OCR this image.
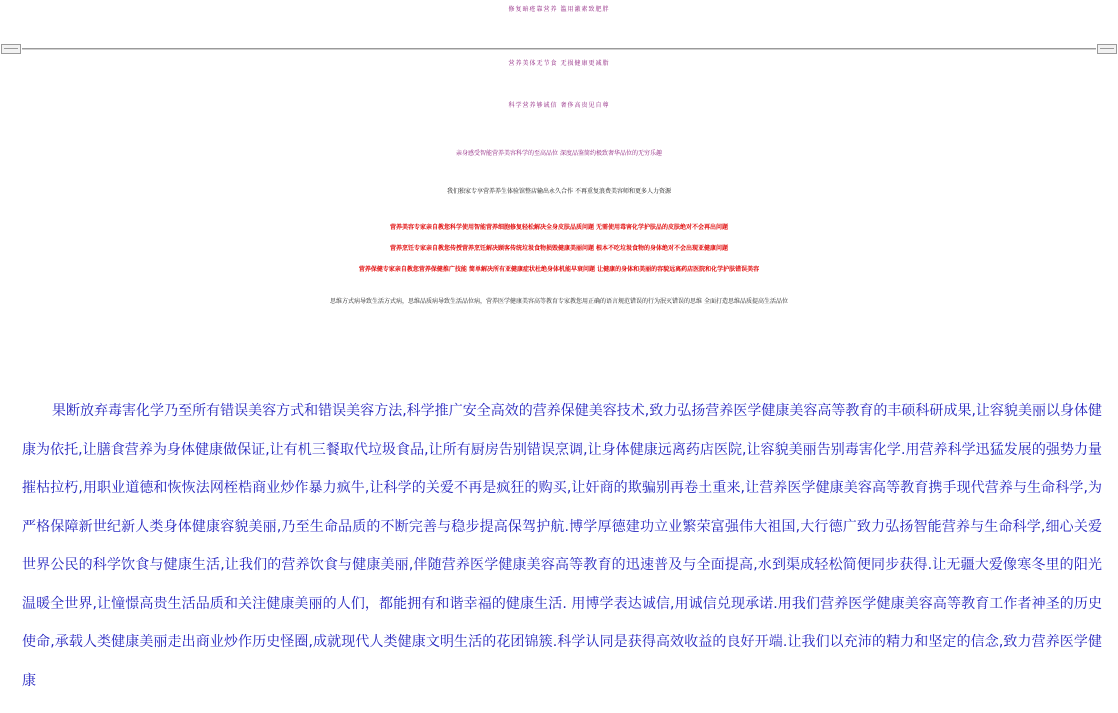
修复暗疮靠营养 滥用激素致肥胖
营养美体无节食 无损健康更减脂
科学营养够诚信 奢侈高贵见自尊
亲身感受智能营养美容科学的至高品位 深度品鉴简约极致奢华品位的无穷乐趣
我们独家专享营养养生体验馆整店输出永久合作 不再重复浪费美容师和更多人力资源
营养美容专家亲自教您科学使用智能营养细胞修复轻松解决全身皮肤品质问题 无需使用毒害化学护肤品的皮肤绝对不会再出问题
营养烹饪专家亲自教您传授营养烹饪解决顾客传统垃圾食物损毁健康美丽问题 根本不吃垃圾食物的身体绝对不会出现亚健康问题
营养保健专家亲自教您营养保健推广技能 简单解决所有亚健康症状杜绝身体机能早衰问题 让健康的身体和美丽的容貌远离药店医院和化学护肤错误美容
思维方式病导致生活方式病，思维品质病导致生活品位病，营养医学健康美容高等教育专家教您用正确的语言规范错误的行为泯灭错误的思维 全面打造思维品质提高生活品位

果断放弃毒害化学乃至所有错误美容方式和错误美容方法,科学推广安全高效的营养保健美容技术,致力弘扬营养医学健康美容高等教育的丰硕科研成果,让容貌美丽以身体健康为依托,让膳食营养为身体健康做保证,让有机三餐取代垃圾食品,让所有厨房告别错误烹调,让身体健康远离药店医院,让容貌美丽告别毒害化学.用营养科学迅猛发展的强势力量摧枯拉朽,用职业道德和恢恢法网桎梏商业炒作暴力疯牛,让科学的关爱不再是疯狂的购买,让奸商的欺骗别再卷土重来,让营养医学健康美容高等教育携手现代营养与生命科学,为严格保障新世纪新人类身体健康容貌美丽,乃至生命品质的不断完善与稳步提高保驾护航.博学厚德建功立业繁荣富强伟大祖国,大行德广致力弘扬智能营养与生命科学,细心关爱世界公民的科学饮食与健康生活,让我们的营养饮食与健康美丽,伴随营养医学健康美容高等教育的迅速普及与全面提高,水到渠成轻松简便同步获得.让无疆大爱像寒冬里的阳光温暖全世界,让憧憬高贵生活品质和关注健康美丽的人们，都能拥有和谐幸福的健康生活. 用博学表达诚信,用诚信兑现承诺.用我们营养医学健康美容高等教育工作者神圣的历史使命,承载人类健康美丽走出商业炒作历史怪圈,成就现代人类健康文明生活的花团锦簇.科学认同是获得高效收益的良好开端.让我们以充沛的精力和坚定的信念,致力营养医学健康
